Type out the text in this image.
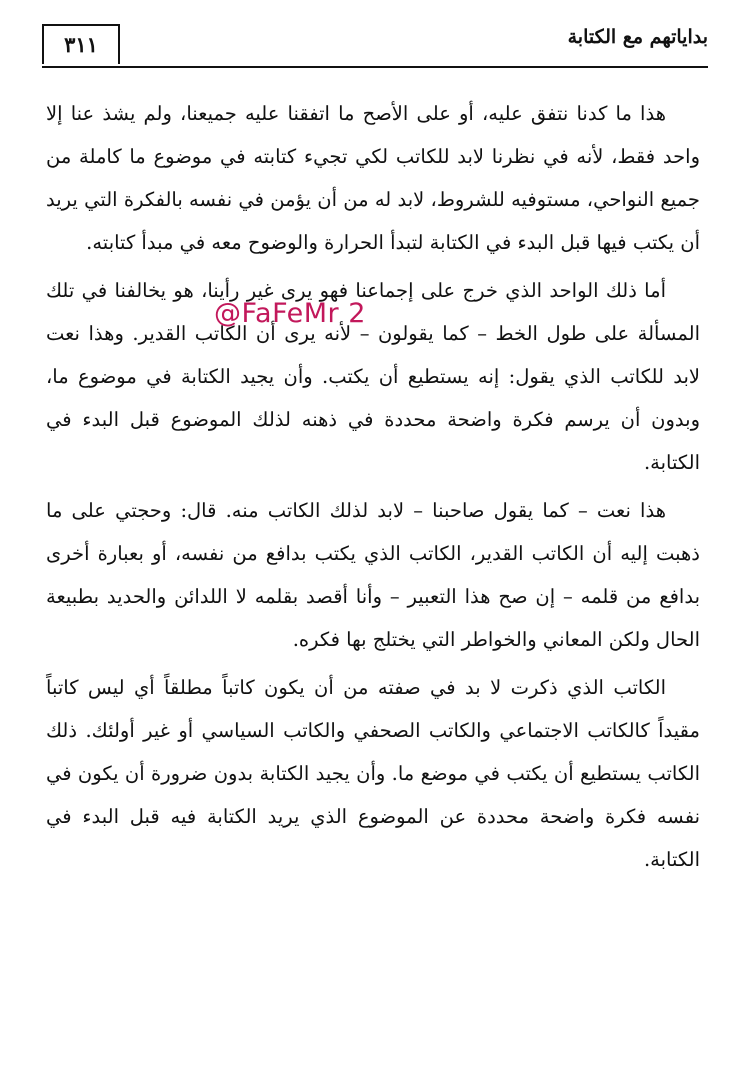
بداياتهم مع الكتابة
٣١١

هذا ما كدنا نتفق عليه، أو على الأصح ما اتفقنا عليه جميعنا، ولم يشذ عنا إلا واحد فقط، لأنه في نظرنا لابد للكاتب لكي تجيء كتابته في موضوع ما كاملة من جميع النواحي، مستوفيه للشروط، لابد له من أن يؤمن في نفسه بالفكرة التي يريد أن يكتب فيها قبل البدء في الكتابة لتبدأ الحرارة والوضوح معه في مبدأ كتابته.

أما ذلك الواحد الذي خرج على إجماعنا فهو يرى غير رأينا، هو يخالفنا في تلك المسألة على طول الخط – كما يقولون – لأنه يرى أن الكاتب القدير. وهذا نعت لابد للكاتب الذي يقول: إنه يستطيع أن يكتب. وأن يجيد الكتابة في موضوع ما، وبدون أن يرسم فكرة واضحة محددة في ذهنه لذلك الموضوع قبل البدء في الكتابة.

هذا نعت – كما يقول صاحبنا – لابد لذلك الكاتب منه. قال: وحجتي على ما ذهبت إليه أن الكاتب القدير، الكاتب الذي يكتب بدافع من نفسه، أو بعبارة أخرى بدافع من قلمه – إن صح هذا التعبير – وأنا أقصد بقلمه لا اللدائن والحديد بطبيعة الحال ولكن المعاني والخواطر التي يختلج بها فكره.

الكاتب الذي ذكرت لا بد في صفته من أن يكون كاتباً مطلقاً أي ليس كاتباً مقيداً كالكاتب الاجتماعي والكاتب الصحفي والكاتب السياسي أو غير أولئك. ذلك الكاتب يستطيع أن يكتب في موضع ما. وأن يجيد الكتابة بدون ضرورة أن يكون في نفسه فكرة واضحة محددة عن الموضوع الذي يريد الكتابة فيه قبل البدء في الكتابة.

@FaFeMr 2
